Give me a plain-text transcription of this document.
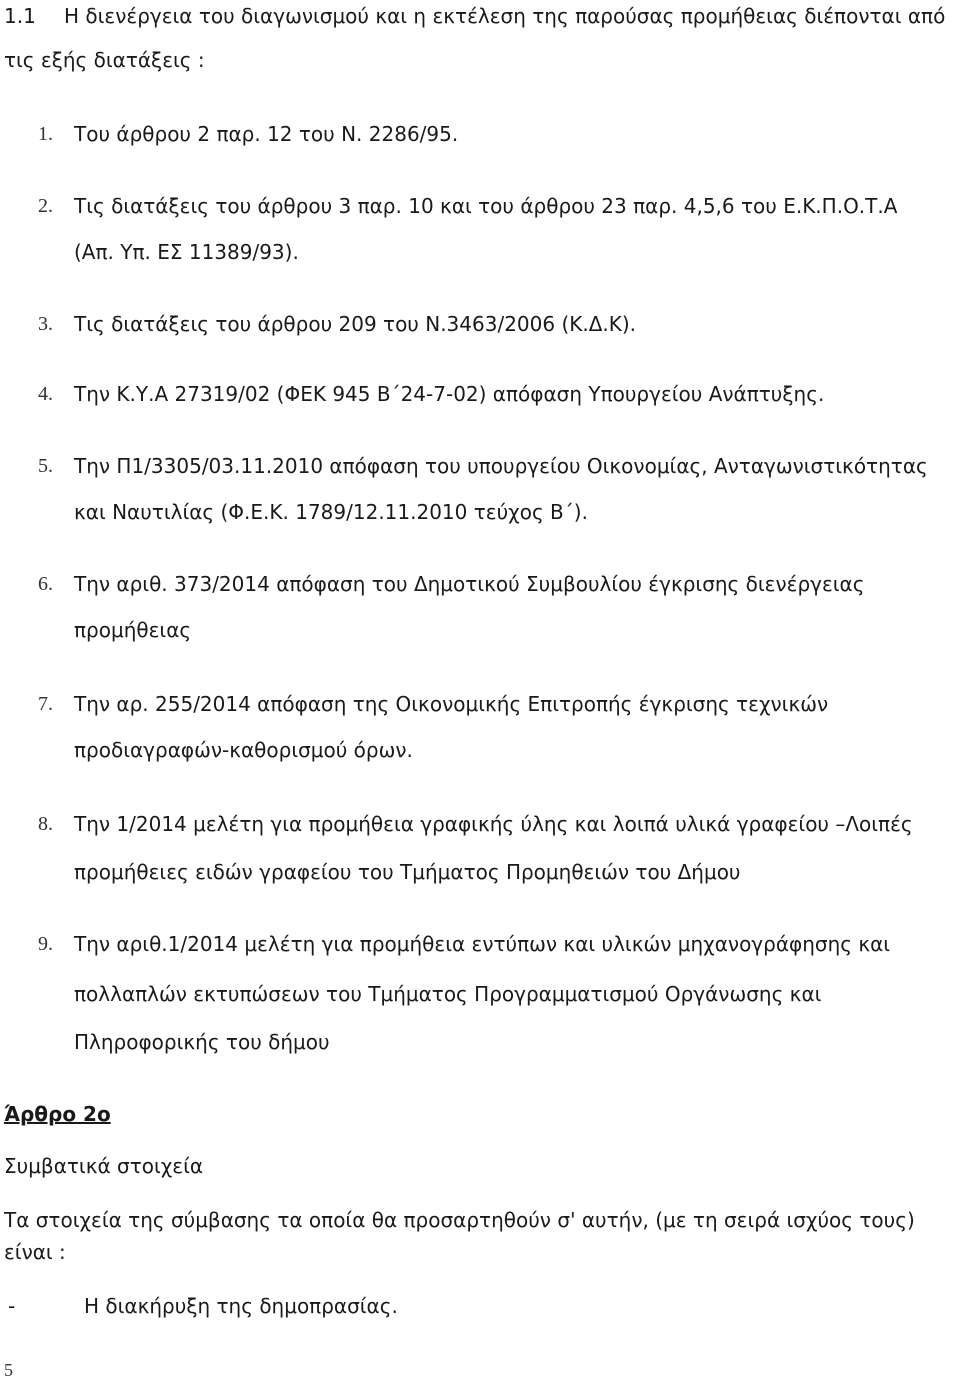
1.1 Η διενέργεια του διαγωνισμού και η εκτέλεση της παρούσας προμήθειας διέπονται από
τις εξής διατάξεις :
1. Του άρθρου 2 παρ. 12 του Ν. 2286/95.
2. Τις διατάξεις του άρθρου 3 παρ. 10 και του άρθρου 23 παρ. 4,5,6 του Ε.Κ.Π.Ο.Τ.Α
(Απ. Υπ. ΕΣ 11389/93).
3. Τις διατάξεις του άρθρου 209 του Ν.3463/2006 (Κ.Δ.Κ).
4. Την Κ.Υ.Α 27319/02 (ΦΕΚ 945 Β΄24-7-02) απόφαση Υπουργείου Ανάπτυξης.
5. Την Π1/3305/03.11.2010 απόφαση του υπουργείου Οικονομίας, Ανταγωνιστικότητας
και Ναυτιλίας (Φ.Ε.Κ. 1789/12.11.2010 τεύχος Β΄).
6. Την αριθ. 373/2014 απόφαση του Δημοτικού Συμβουλίου έγκρισης διενέργειας
προμήθειας
7. Την αρ. 255/2014 απόφαση της Οικονομικής Επιτροπής έγκρισης τεχνικών
προδιαγραφών-καθορισμού όρων.
8. Την 1/2014 μελέτη για προμήθεια γραφικής ύλης και λοιπά υλικά γραφείου –Λοιπές
προμήθειες ειδών γραφείου του Τμήματος Προμηθειών του Δήμου
9. Την αριθ.1/2014 μελέτη για προμήθεια εντύπων και υλικών μηχανογράφησης και
πολλαπλών εκτυπώσεων του Τμήματος Προγραμματισμού Οργάνωσης και
Πληροφορικής του δήμου
Άρθρο 2ο
Συμβατικά στοιχεία
Τα στοιχεία της σύμβασης τα οποία θα προσαρτηθούν σ' αυτήν, (με τη σειρά ισχύος τους)
είναι :
-	Η διακήρυξη της δημοπρασίας.
5
